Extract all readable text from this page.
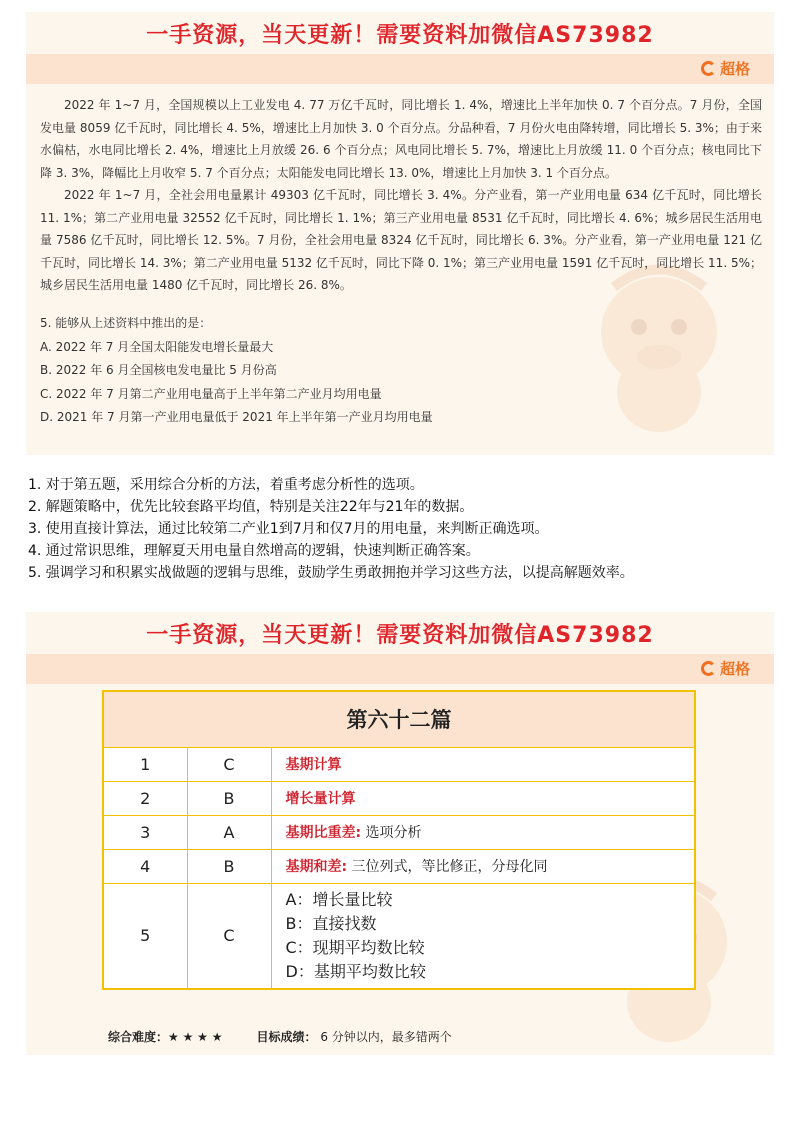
一手资源，当天更新！需要资料加微信AS73982
超格

2022 年 1~7 月，全国规模以上工业发电 4. 77 万亿千瓦时，同比增长 1. 4%，增速比上半年加快 0. 7 个百分点。7 月份，全国发电量 8059 亿千瓦时，同比增长 4. 5%，增速比上月加快 3. 0 个百分点。分品种看，7 月份火电由降转增，同比增长 5. 3%；由于来水偏枯，水电同比增长 2. 4%，增速比上月放缓 26. 6 个百分点；风电同比增长 5. 7%，增速比上月放缓 11. 0 个百分点；核电同比下降 3. 3%，降幅比上月收窄 5. 7 个百分点；太阳能发电同比增长 13. 0%，增速比上月加快 3. 1 个百分点。

2022 年 1~7 月，全社会用电量累计 49303 亿千瓦时，同比增长 3. 4%。分产业看，第一产业用电量 634 亿千瓦时，同比增长 11. 1%；第二产业用电量 32552 亿千瓦时，同比增长 1. 1%；第三产业用电量 8531 亿千瓦时，同比增长 4. 6%；城乡居民生活用电量 7586 亿千瓦时，同比增长 12. 5%。7 月份，全社会用电量 8324 亿千瓦时，同比增长 6. 3%。分产业看，第一产业用电量 121 亿千瓦时，同比增长 14. 3%；第二产业用电量 5132 亿千瓦时，同比下降 0. 1%；第三产业用电量 1591 亿千瓦时，同比增长 11. 5%；城乡居民生活用电量 1480 亿千瓦时，同比增长 26. 8%。

5. 能够从上述资料中推出的是：
A. 2022 年 7 月全国太阳能发电增长量最大
B. 2022 年 6 月全国核电发电量比 5 月份高
C. 2022 年 7 月第二产业用电量高于上半年第二产业月均用电量
D. 2021 年 7 月第一产业用电量低于 2021 年上半年第一产业月均用电量
1. 对于第五题，采用综合分析的方法，着重考虑分析性的选项。
2. 解题策略中，优先比较套路平均值，特别是关注22年与21年的数据。
3. 使用直接计算法，通过比较第二产业1到7月和仅7月的用电量，来判断正确选项。
4. 通过常识思维，理解夏天用电量自然增高的逻辑，快速判断正确答案。
5. 强调学习和积累实战做题的逻辑与思维，鼓励学生勇敢拥抱并学习这些方法，以提高解题效率。
一手资源，当天更新！需要资料加微信AS73982
超格
第六十二篇		
1	C	基期计算
2	B	增长量计算
3	A	基期比重差: 选项分析
4	B	基期和差: 三位列式，等比修正，分母化同
5	C	A：增长量比较
B：直接找数
C：现期平均数比较
D：基期平均数比较
综合难度：★ ★ ★ ★	目标成绩： 6 分钟以内，最多错两个
